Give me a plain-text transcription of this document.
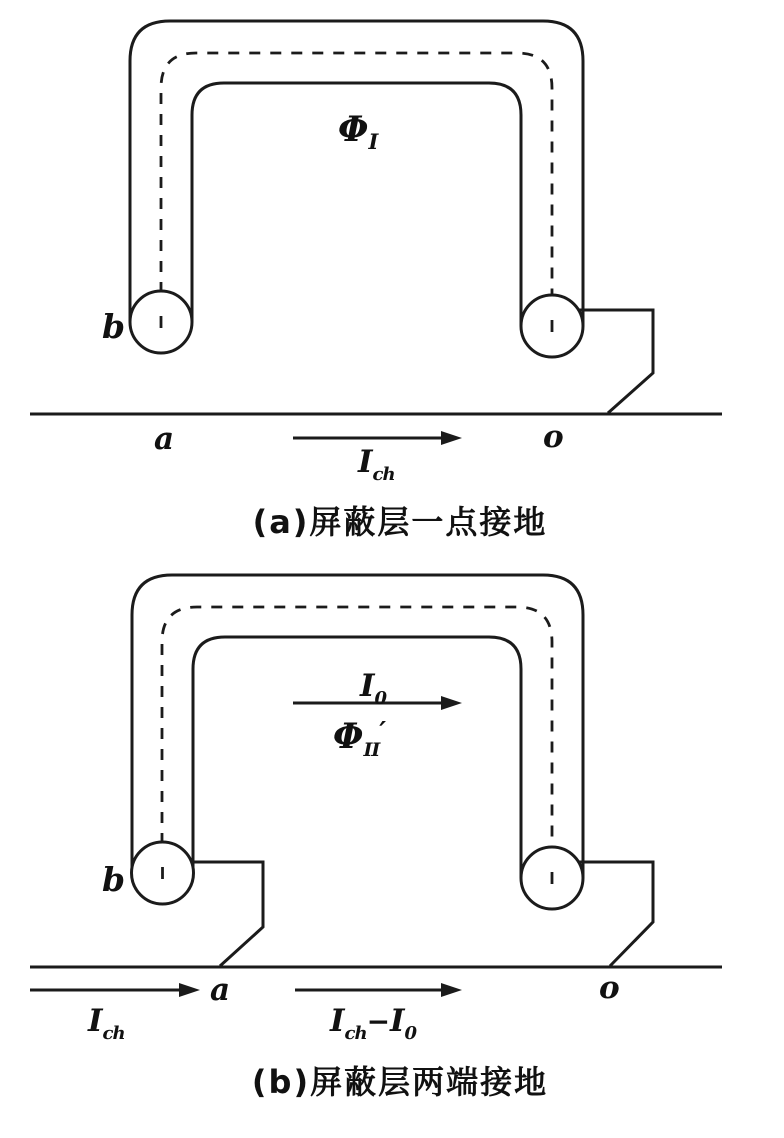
$\Phi_I$
b
a	o
$I_{ch}$
(a)屏蔽层一点接地
$I_0$
$\Phi_{II}'$
b
a	o
$I_{ch}$	$I_{ch}-I_0$
(b)屏蔽层两端接地
